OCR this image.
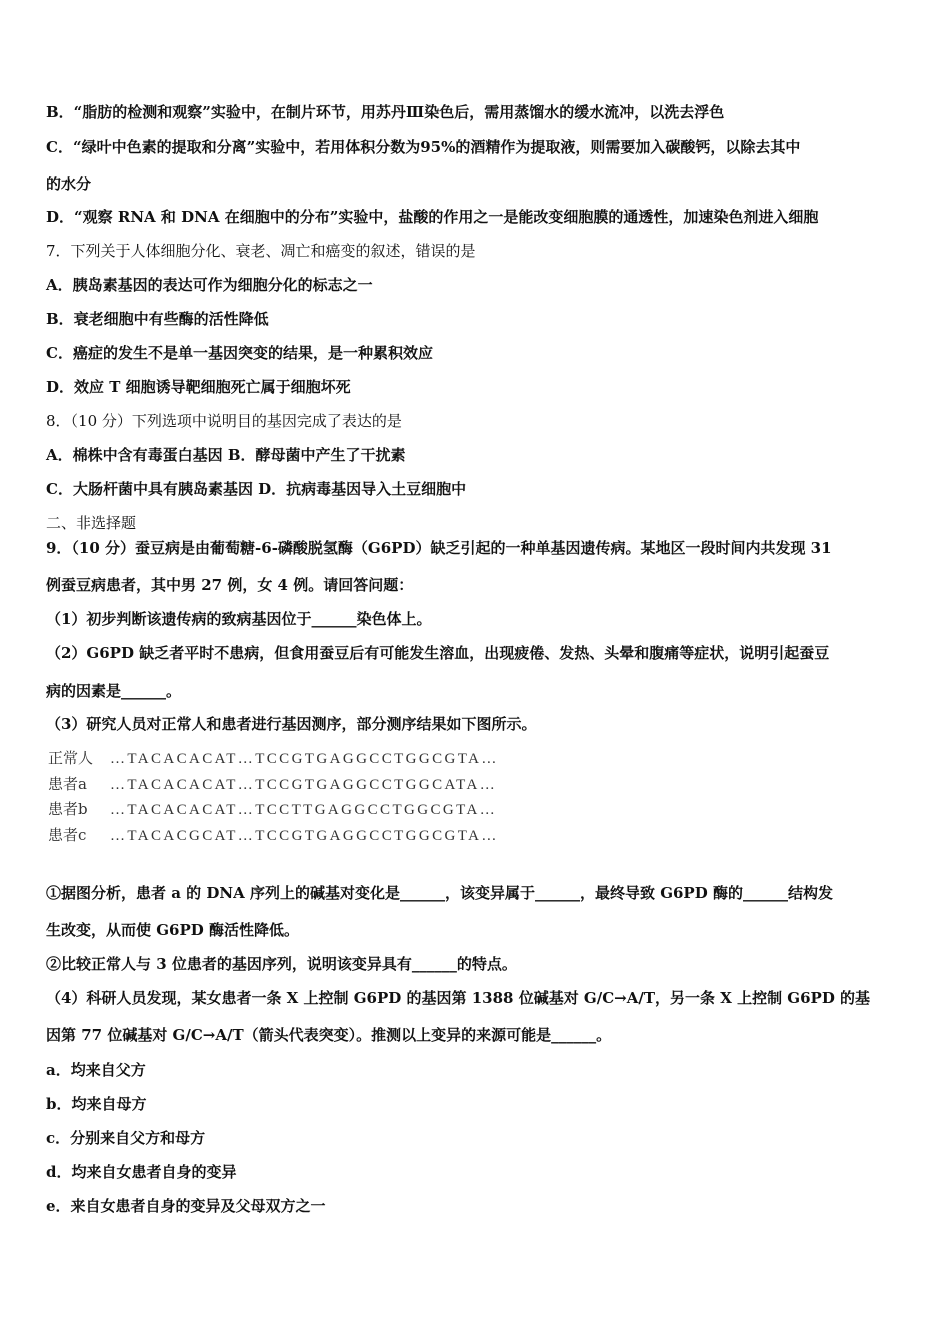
B．“脂肪的检测和观察”实验中，在制片环节，用苏丹Ⅲ染色后，需用蒸馏水的缓水流冲，以洗去浮色
C．“绿叶中色素的提取和分离”实验中，若用体积分数为95%的酒精作为提取液，则需要加入碳酸钙，以除去其中
的水分
D．“观察 RNA 和 DNA 在细胞中的分布”实验中，盐酸的作用之一是能改变细胞膜的通透性，加速染色剂进入细胞
7．下列关于人体细胞分化、衰老、凋亡和癌变的叙述，错误的是
A．胰岛素基因的表达可作为细胞分化的标志之一
B．衰老细胞中有些酶的活性降低
C．癌症的发生不是单一基因突变的结果，是一种累积效应
D．效应 T 细胞诱导靶细胞死亡属于细胞坏死
8．（10 分）下列选项中说明目的基因完成了表达的是
A．棉株中含有毒蛋白基因 B．酵母菌中产生了干扰素
C．大肠杆菌中具有胰岛素基因 D．抗病毒基因导入土豆细胞中
二、非选择题
9．（10 分）蚕豆病是由葡萄糖-6-磷酸脱氢酶（G6PD）缺乏引起的一种单基因遗传病。某地区一段时间内共发现 31
例蚕豆病患者，其中男 27 例，女 4 例。请回答问题：
（1）初步判断该遗传病的致病基因位于______染色体上。
（2）G6PD 缺乏者平时不患病，但食用蚕豆后有可能发生溶血，出现疲倦、发热、头晕和腹痛等症状，说明引起蚕豆
病的因素是______。
（3）研究人员对正常人和患者进行基因测序，部分测序结果如下图所示。
正常人 …TACACACAT…TCCGTGAGGCCTGGCGTA…
患者a …TACACACAT…TCCGTGAGGCCTGGCATA…
患者b …TACACACAT…TCCTTGAGGCCTGGCGTA…
患者c …TACACGCAT…TCCGTGAGGCCTGGCGTA…
①据图分析，患者 a 的 DNA 序列上的碱基对变化是______，该变异属于______，最终导致 G6PD 酶的______结构发
生改变，从而使 G6PD 酶活性降低。
②比较正常人与 3 位患者的基因序列，说明该变异具有______的特点。
（4）科研人员发现，某女患者一条 X 上控制 G6PD 的基因第 1388 位碱基对 G/C→A/T，另一条 X 上控制 G6PD 的基
因第 77 位碱基对 G/C→A/T（箭头代表突变）。推测以上变异的来源可能是______。
a．均来自父方
b．均来自母方
c．分别来自父方和母方
d．均来自女患者自身的变异
e．来自女患者自身的变异及父母双方之一
